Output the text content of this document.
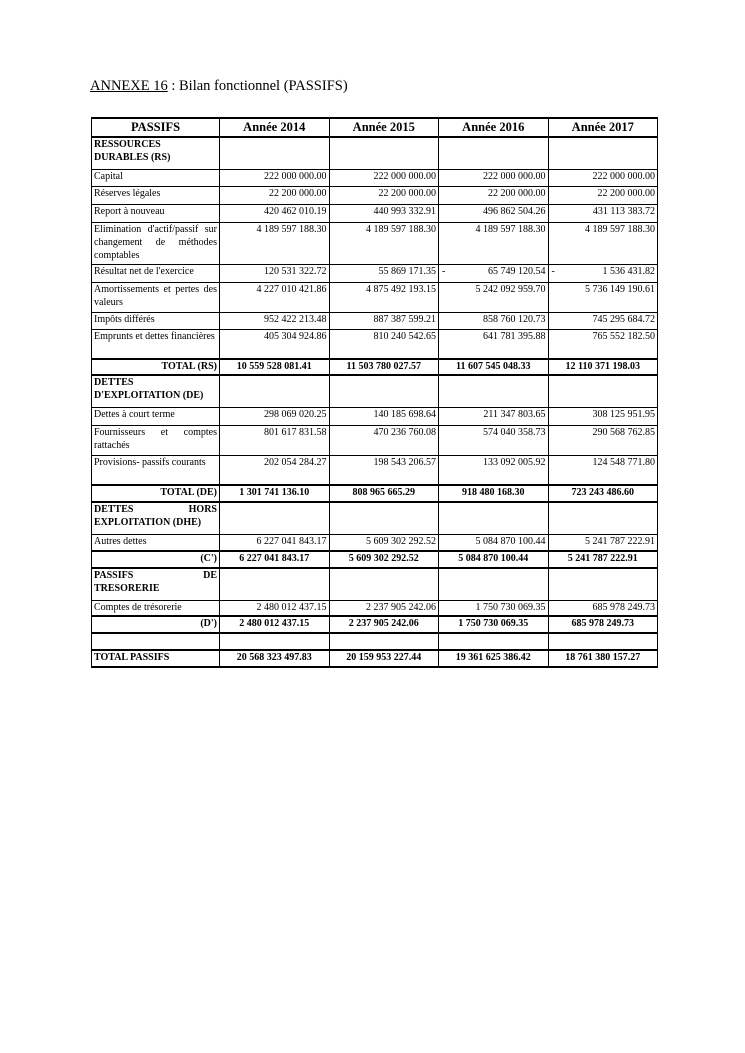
ANNEXE 16 : Bilan fonctionnel (PASSIFS)
PASSIFS	Année 2014	Année 2015	Année 2016	Année 2017
RESSOURCES DURABLES (RS)				
Capital	222 000 000.00	222 000 000.00	222 000 000.00	222 000 000.00
Réserves légales	22 200 000.00	22 200 000.00	22 200 000.00	22 200 000.00
Report à nouveau	420 462 010.19	440 993 332.91	496 862 504.26	431 113 383.72
Elimination d'actif/passif sur changement de méthodes comptables	4 189 597 188.30	4 189 597 188.30	4 189 597 188.30	4 189 597 188.30
Résultat net de l'exercice	120 531 322.72	55 869 171.35	- 65 749 120.54	- 1 536 431.82
Amortissements et pertes des valeurs	4 227 010 421.86	4 875 492 193.15	5 242 092 959.70	5 736 149 190.61
Impôts différés	952 422 213.48	887 387 599.21	858 760 120.73	745 295 684.72
Emprunts et dettes financières	405 304 924.86	810 240 542.65	641 781 395.88	765 552 182.50
TOTAL (RS)	10 559 528 081.41	11 503 780 027.57	11 607 545 048.33	12 110 371 198.03
DETTES D'EXPLOITATION (DE)				
Dettes à court terme	298 069 020.25	140 185 698.64	211 347 803.65	308 125 951.95
Fournisseurs et comptes rattachés	801 617 831.58	470 236 760.08	574 040 358.73	290 568 762.85
Provisions- passifs courants	202 054 284.27	198 543 206.57	133 092 005.92	124 548 771.80
TOTAL (DE)	1 301 741 136.10	808 965 665.29	918 480 168.30	723 243 486.60
DETTES HORS EXPLOITATION (DHE)				
Autres dettes	6 227 041 843.17	5 609 302 292.52	5 084 870 100.44	5 241 787 222.91
(C')	6 227 041 843.17	5 609 302 292.52	5 084 870 100.44	5 241 787 222.91
PASSIFS DE TRESORERIE				
Comptes de trésorerie	2 480 012 437.15	2 237 905 242.06	1 750 730 069.35	685 978 249.73
(D')	2 480 012 437.15	2 237 905 242.06	1 750 730 069.35	685 978 249.73

TOTAL PASSIFS	20 568 323 497.83	20 159 953 227.44	19 361 625 386.42	18 761 380 157.27
